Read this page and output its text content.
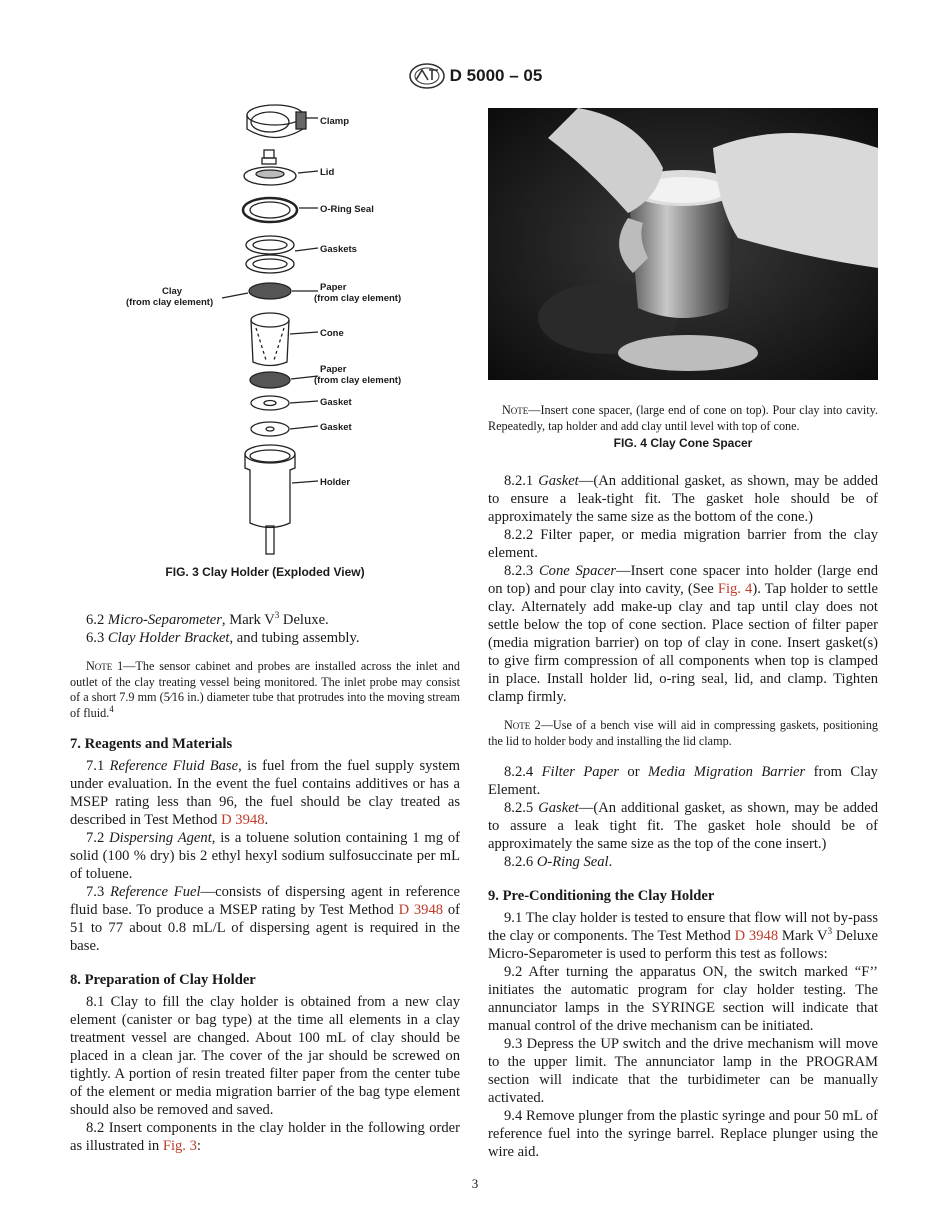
D 5000 – 05
Clamp
Lid
O-Ring Seal
Gaskets
Paper
(from clay element)
Clay
(from clay element)
Cone
Paper
(from clay element)
Gasket
Gasket
Holder

FIG. 3 Clay Holder (Exploded View)

6.2 Micro-Separometer, Mark $V^3$ Deluxe.

6.3 Clay Holder Bracket, and tubing assembly.

Note 1—The sensor cabinet and probes are installed across the inlet and outlet of the clay treating vessel being monitored. The inlet probe may consist of a short 7.9 mm (5⁄16 in.) diameter tube that protrudes into the moving stream of fluid.$^4$

7. Reagents and Materials

7.1 Reference Fluid Base, is fuel from the fuel supply system under evaluation. In the event the fuel contains additives or has a MSEP rating less than 96, the fuel should be clay treated as described in Test Method D 3948.

7.2 Dispersing Agent, is a toluene solution containing 1 mg of solid (100 % dry) bis 2 ethyl hexyl sodium sulfosuccinate per mL of toluene.

7.3 Reference Fuel—consists of dispersing agent in reference fluid base. To produce a MSEP rating by Test Method D 3948 of 51 to 77 about 0.8 mL/L of dispersing agent is required in the base.

8. Preparation of Clay Holder

8.1 Clay to fill the clay holder is obtained from a new clay element (canister or bag type) at the time all elements in a clay treatment vessel are changed. About 100 mL of clay should be placed in a clean jar. The cover of the jar should be screwed on tightly. A portion of resin treated filter paper from the center tube of the element or media migration barrier of the bag type element should also be removed and saved.

8.2 Insert components in the clay holder in the following order as illustrated in Fig. 3:

Note—Insert cone spacer, (large end of cone on top). Pour clay into cavity. Repeatedly, tap holder and add clay until level with top of cone.

FIG. 4 Clay Cone Spacer

8.2.1 Gasket—(An additional gasket, as shown, may be added to ensure a leak-tight fit. The gasket hole should be of approximately the same size as the bottom of the cone.)

8.2.2 Filter paper, or media migration barrier from the clay element.

8.2.3 Cone Spacer—Insert cone spacer into holder (large end on top) and pour clay into cavity, (See Fig. 4). Tap holder to settle clay. Alternately add make-up clay and tap until clay does not settle below the top of cone section. Place section of filter paper (media migration barrier) on top of clay in cone. Insert gasket(s) to give firm compression of all components when top is clamped in place. Install holder lid, o-ring seal, lid, and clamp. Tighten clamp firmly.

Note 2—Use of a bench vise will aid in compressing gaskets, positioning the lid to holder body and installing the lid clamp.

8.2.4 Filter Paper or Media Migration Barrier from Clay Element.

8.2.5 Gasket—(An additional gasket, as shown, may be added to assure a leak tight fit. The gasket hole should be of approximately the same size as the top of the cone insert.)

8.2.6 O-Ring Seal.

9. Pre-Conditioning the Clay Holder

9.1 The clay holder is tested to ensure that flow will not by-pass the clay or components. The Test Method D 3948 Mark $V^3$ Deluxe Micro-Separometer is used to perform this test as follows:

9.2 After turning the apparatus ON, the switch marked “F’’ initiates the automatic program for clay holder testing. The annunciator lamps in the SYRINGE section will indicate that manual control of the drive mechanism can be initiated.

9.3 Depress the UP switch and the drive mechanism will move to the upper limit. The annunciator lamp in the PROGRAM section will indicate that the turbidimeter can be manually activated.

9.4 Remove plunger from the plastic syringe and pour 50 mL of reference fuel into the syringe barrel. Replace plunger using the wire aid.

3
